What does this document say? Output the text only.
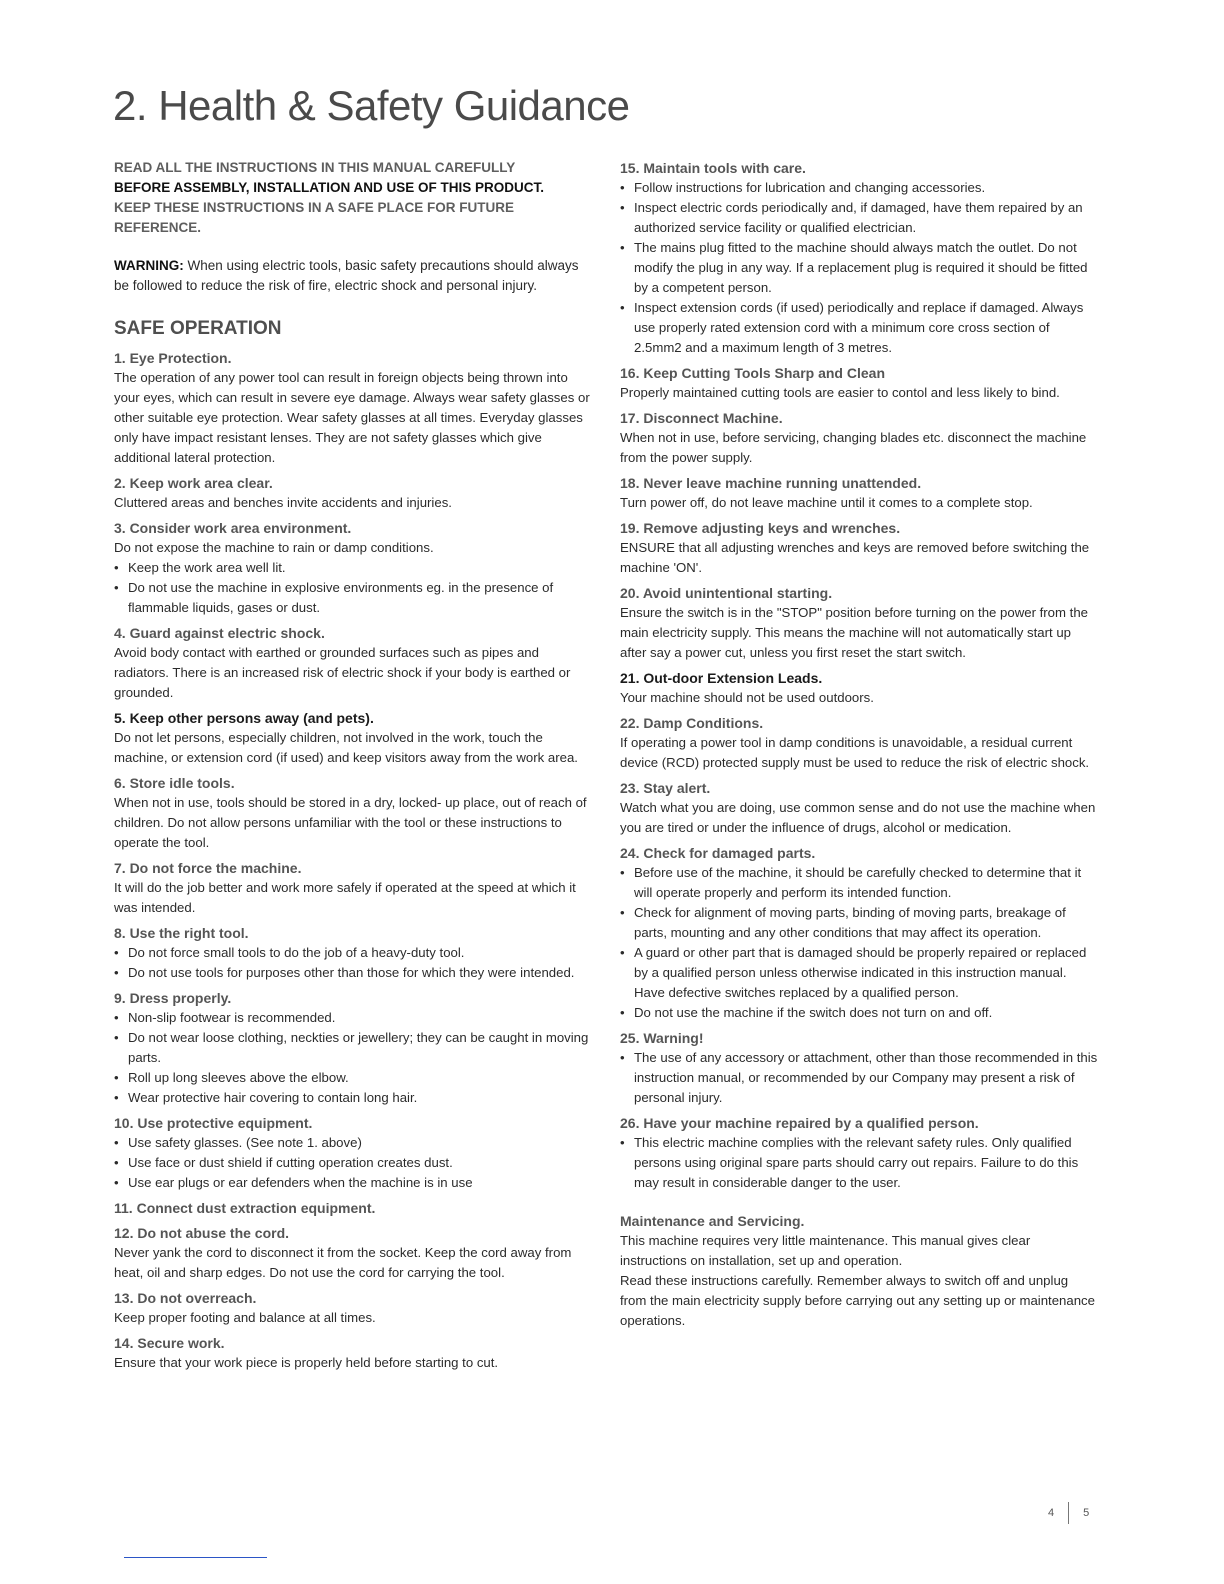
2. Health & Safety Guidance

READ ALL THE INSTRUCTIONS IN THIS MANUAL CAREFULLY
BEFORE ASSEMBLY, INSTALLATION AND USE OF THIS PRODUCT.
KEEP THESE INSTRUCTIONS IN A SAFE PLACE FOR FUTURE REFERENCE.

WARNING: When using electric tools, basic safety precautions should always be followed to reduce the risk of fire, electric shock and personal injury.

SAFE OPERATION
1. Eye Protection.

The operation of any power tool can result in foreign objects being thrown into your eyes, which can result in severe eye damage. Always wear safety glasses or other suitable eye protection. Wear safety glasses at all times. Everyday glasses only have impact resistant lenses. They are not safety glasses which give additional lateral protection.

2. Keep work area clear.

Cluttered areas and benches invite accidents and injuries.

3. Consider work area environment.

Do not expose the machine to rain or damp conditions.

• Keep the work area well lit.
• Do not use the machine in explosive environments eg. in the presence of flammable liquids, gases or dust.
4. Guard against electric shock.

Avoid body contact with earthed or grounded surfaces such as pipes and radiators. There is an increased risk of electric shock if your body is earthed or grounded.

5. Keep other persons away (and pets).

Do not let persons, especially children, not involved in the work, touch the machine, or extension cord (if used) and keep visitors away from the work area.

6. Store idle tools.

When not in use, tools should be stored in a dry, locked- up place, out of reach of children. Do not allow persons unfamiliar with the tool or these instructions to operate the tool.

7. Do not force the machine.

It will do the job better and work more safely if operated at the speed at which it was intended.

8. Use the right tool.
• Do not force small tools to do the job of a heavy-duty tool.
• Do not use tools for purposes other than those for which they were intended.
9. Dress properly.
• Non-slip footwear is recommended.
• Do not wear loose clothing, neckties or jewellery; they can be caught in moving parts.
• Roll up long sleeves above the elbow.
• Wear protective hair covering to contain long hair.
10. Use protective equipment.
• Use safety glasses. (See note 1. above)
• Use face or dust shield if cutting operation creates dust.
• Use ear plugs or ear defenders when the machine is in use
11. Connect dust extraction equipment.
12. Do not abuse the cord.

Never yank the cord to disconnect it from the socket. Keep the cord away from heat, oil and sharp edges. Do not use the cord for carrying the tool.

13. Do not overreach.

Keep proper footing and balance at all times.

14. Secure work.

Ensure that your work piece is properly held before starting to cut.

15. Maintain tools with care.
• Follow instructions for lubrication and changing accessories.
• Inspect electric cords periodically and, if damaged, have them repaired by an authorized service facility or qualified electrician.
• The mains plug fitted to the machine should always match the outlet. Do not modify the plug in any way. If a replacement plug is required it should be fitted by a competent person.
• Inspect extension cords (if used) periodically and replace if damaged. Always use properly rated extension cord with a minimum core cross section of 2.5mm2 and a maximum length of 3 metres.
16. Keep Cutting Tools Sharp and Clean

Properly maintained cutting tools are easier to contol and less likely to bind.

17. Disconnect Machine.

When not in use, before servicing, changing blades etc. disconnect the machine from the power supply.

18. Never leave machine running unattended.

Turn power off, do not leave machine until it comes to a complete stop.

19. Remove adjusting keys and wrenches.

ENSURE that all adjusting wrenches and keys are removed before switching the machine 'ON'.

20. Avoid unintentional starting.

Ensure the switch is in the "STOP" position before turning on the power from the main electricity supply. This means the machine will not automatically start up after say a power cut, unless you first reset the start switch.

21. Out-door Extension Leads.

Your machine should not be used outdoors.

22. Damp Conditions.

If operating a power tool in damp conditions is unavoidable, a residual current device (RCD) protected supply must be used to reduce the risk of electric shock.

23. Stay alert.

Watch what you are doing, use common sense and do not use the machine when you are tired or under the influence of drugs, alcohol or medication.

24. Check for damaged parts.
• Before use of the machine, it should be carefully checked to determine that it will operate properly and perform its intended function.
• Check for alignment of moving parts, binding of moving parts, breakage of parts, mounting and any other conditions that may affect its operation.
• A guard or other part that is damaged should be properly repaired or replaced by a qualified person unless otherwise indicated in this instruction manual. Have defective switches replaced by a qualified person.
• Do not use the machine if the switch does not turn on and off.
25. Warning!
• The use of any accessory or attachment, other than those recommended in this instruction manual, or recommended by our Company may present a risk of personal injury.
26. Have your machine repaired by a qualified person.
• This electric machine complies with the relevant safety rules. Only qualified persons using original spare parts should carry out repairs. Failure to do this may result in considerable danger to the user.
Maintenance and Servicing.

This machine requires very little maintenance. This manual gives clear instructions on installation, set up and operation.

Read these instructions carefully. Remember always to switch off and unplug from the main electricity supply before carrying out any setting up or maintenance operations.

4	5
